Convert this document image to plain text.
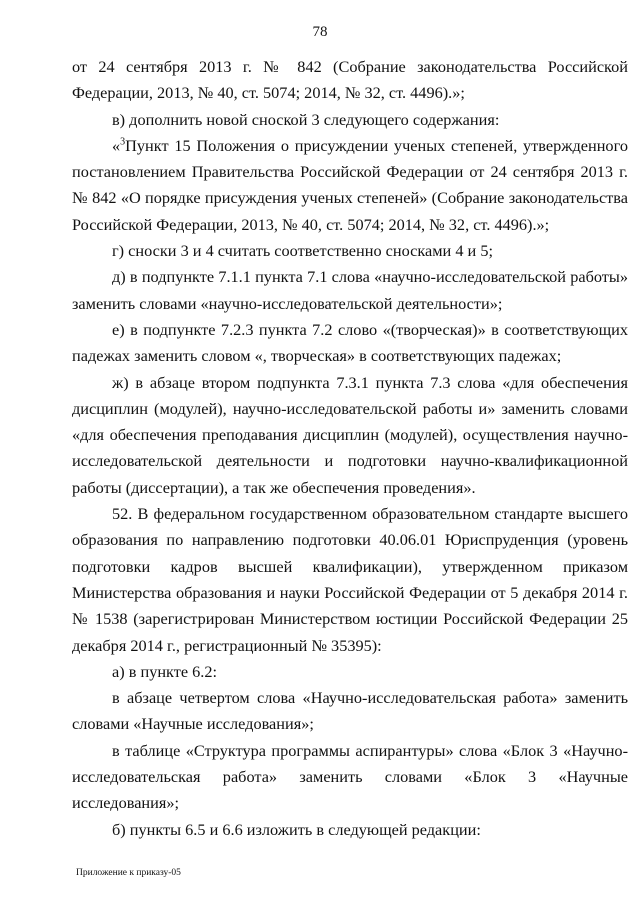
78

от 24 сентября 2013 г. № 842 (Собрание законодательства Российской Федерации, 2013, № 40, ст. 5074; 2014, № 32, ст. 4496).»;

в) дополнить новой сноской 3 следующего содержания:

«$^3$Пункт 15 Положения о присуждении ученых степеней, утвержденного постановлением Правительства Российской Федерации от 24 сентября 2013 г. № 842 «О порядке присуждения ученых степеней» (Собрание законодательства Российской Федерации, 2013, № 40, ст. 5074; 2014, № 32, ст. 4496).»;

г) сноски 3 и 4 считать соответственно сносками 4 и 5;

д) в подпункте 7.1.1 пункта 7.1 слова «научно-исследовательской работы» заменить словами «научно-исследовательской деятельности»;

е) в подпункте 7.2.3 пункта 7.2 слово «(творческая)» в соответствующих падежах заменить словом «, творческая» в соответствующих падежах;

ж) в абзаце втором подпункта 7.3.1 пункта 7.3 слова «для обеспечения дисциплин (модулей), научно-исследовательской работы и» заменить словами «для обеспечения преподавания дисциплин (модулей), осуществления научно-исследовательской деятельности и подготовки научно-квалификационной работы (диссертации), а так же обеспечения проведения».

52. В федеральном государственном образовательном стандарте высшего образования по направлению подготовки 40.06.01 Юриспруденция (уровень подготовки кадров высшей квалификации), утвержденном приказом Министерства образования и науки Российской Федерации от 5 декабря 2014 г. № 1538 (зарегистрирован Министерством юстиции Российской Федерации 25 декабря 2014 г., регистрационный № 35395):

а) в пункте 6.2:

в абзаце четвертом слова «Научно-исследовательская работа» заменить словами «Научные исследования»;

в таблице «Структура программы аспирантуры» слова «Блок 3 «Научно-исследовательская работа» заменить словами «Блок 3 «Научные исследования»;

б) пункты 6.5 и 6.6 изложить в следующей редакции:

Приложение к приказу-05
